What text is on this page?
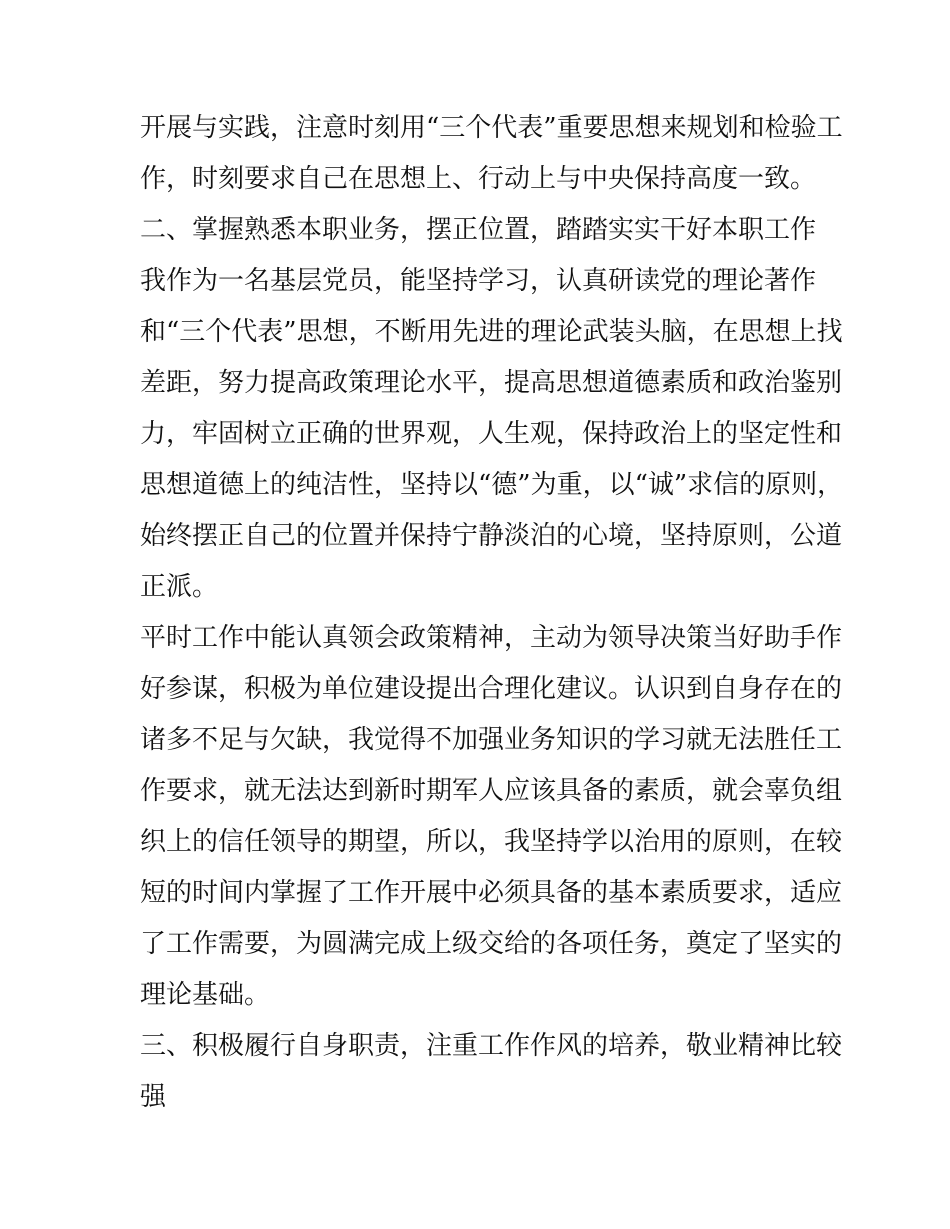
开展与实践，注意时刻用“三个代表”重要思想来规划和检验工
作，时刻要求自己在思想上、行动上与中央保持高度一致。
二、掌握熟悉本职业务，摆正位置，踏踏实实干好本职工作
我作为一名基层党员，能坚持学习，认真研读党的理论著作
和“三个代表”思想，不断用先进的理论武装头脑，在思想上找
差距，努力提高政策理论水平，提高思想道德素质和政治鉴别
力，牢固树立正确的世界观，人生观，保持政治上的坚定性和
思想道德上的纯洁性，坚持以“德”为重，以“诚”求信的原则，
始终摆正自己的位置并保持宁静淡泊的心境，坚持原则，公道
正派。
平时工作中能认真领会政策精神，主动为领导决策当好助手作
好参谋，积极为单位建设提出合理化建议。认识到自身存在的
诸多不足与欠缺，我觉得不加强业务知识的学习就无法胜任工
作要求，就无法达到新时期军人应该具备的素质，就会辜负组
织上的信任领导的期望，所以，我坚持学以治用的原则，在较
短的时间内掌握了工作开展中必须具备的基本素质要求，适应
了工作需要，为圆满完成上级交给的各项任务，奠定了坚实的
理论基础。
三、积极履行自身职责，注重工作作风的培养，敬业精神比较
强
